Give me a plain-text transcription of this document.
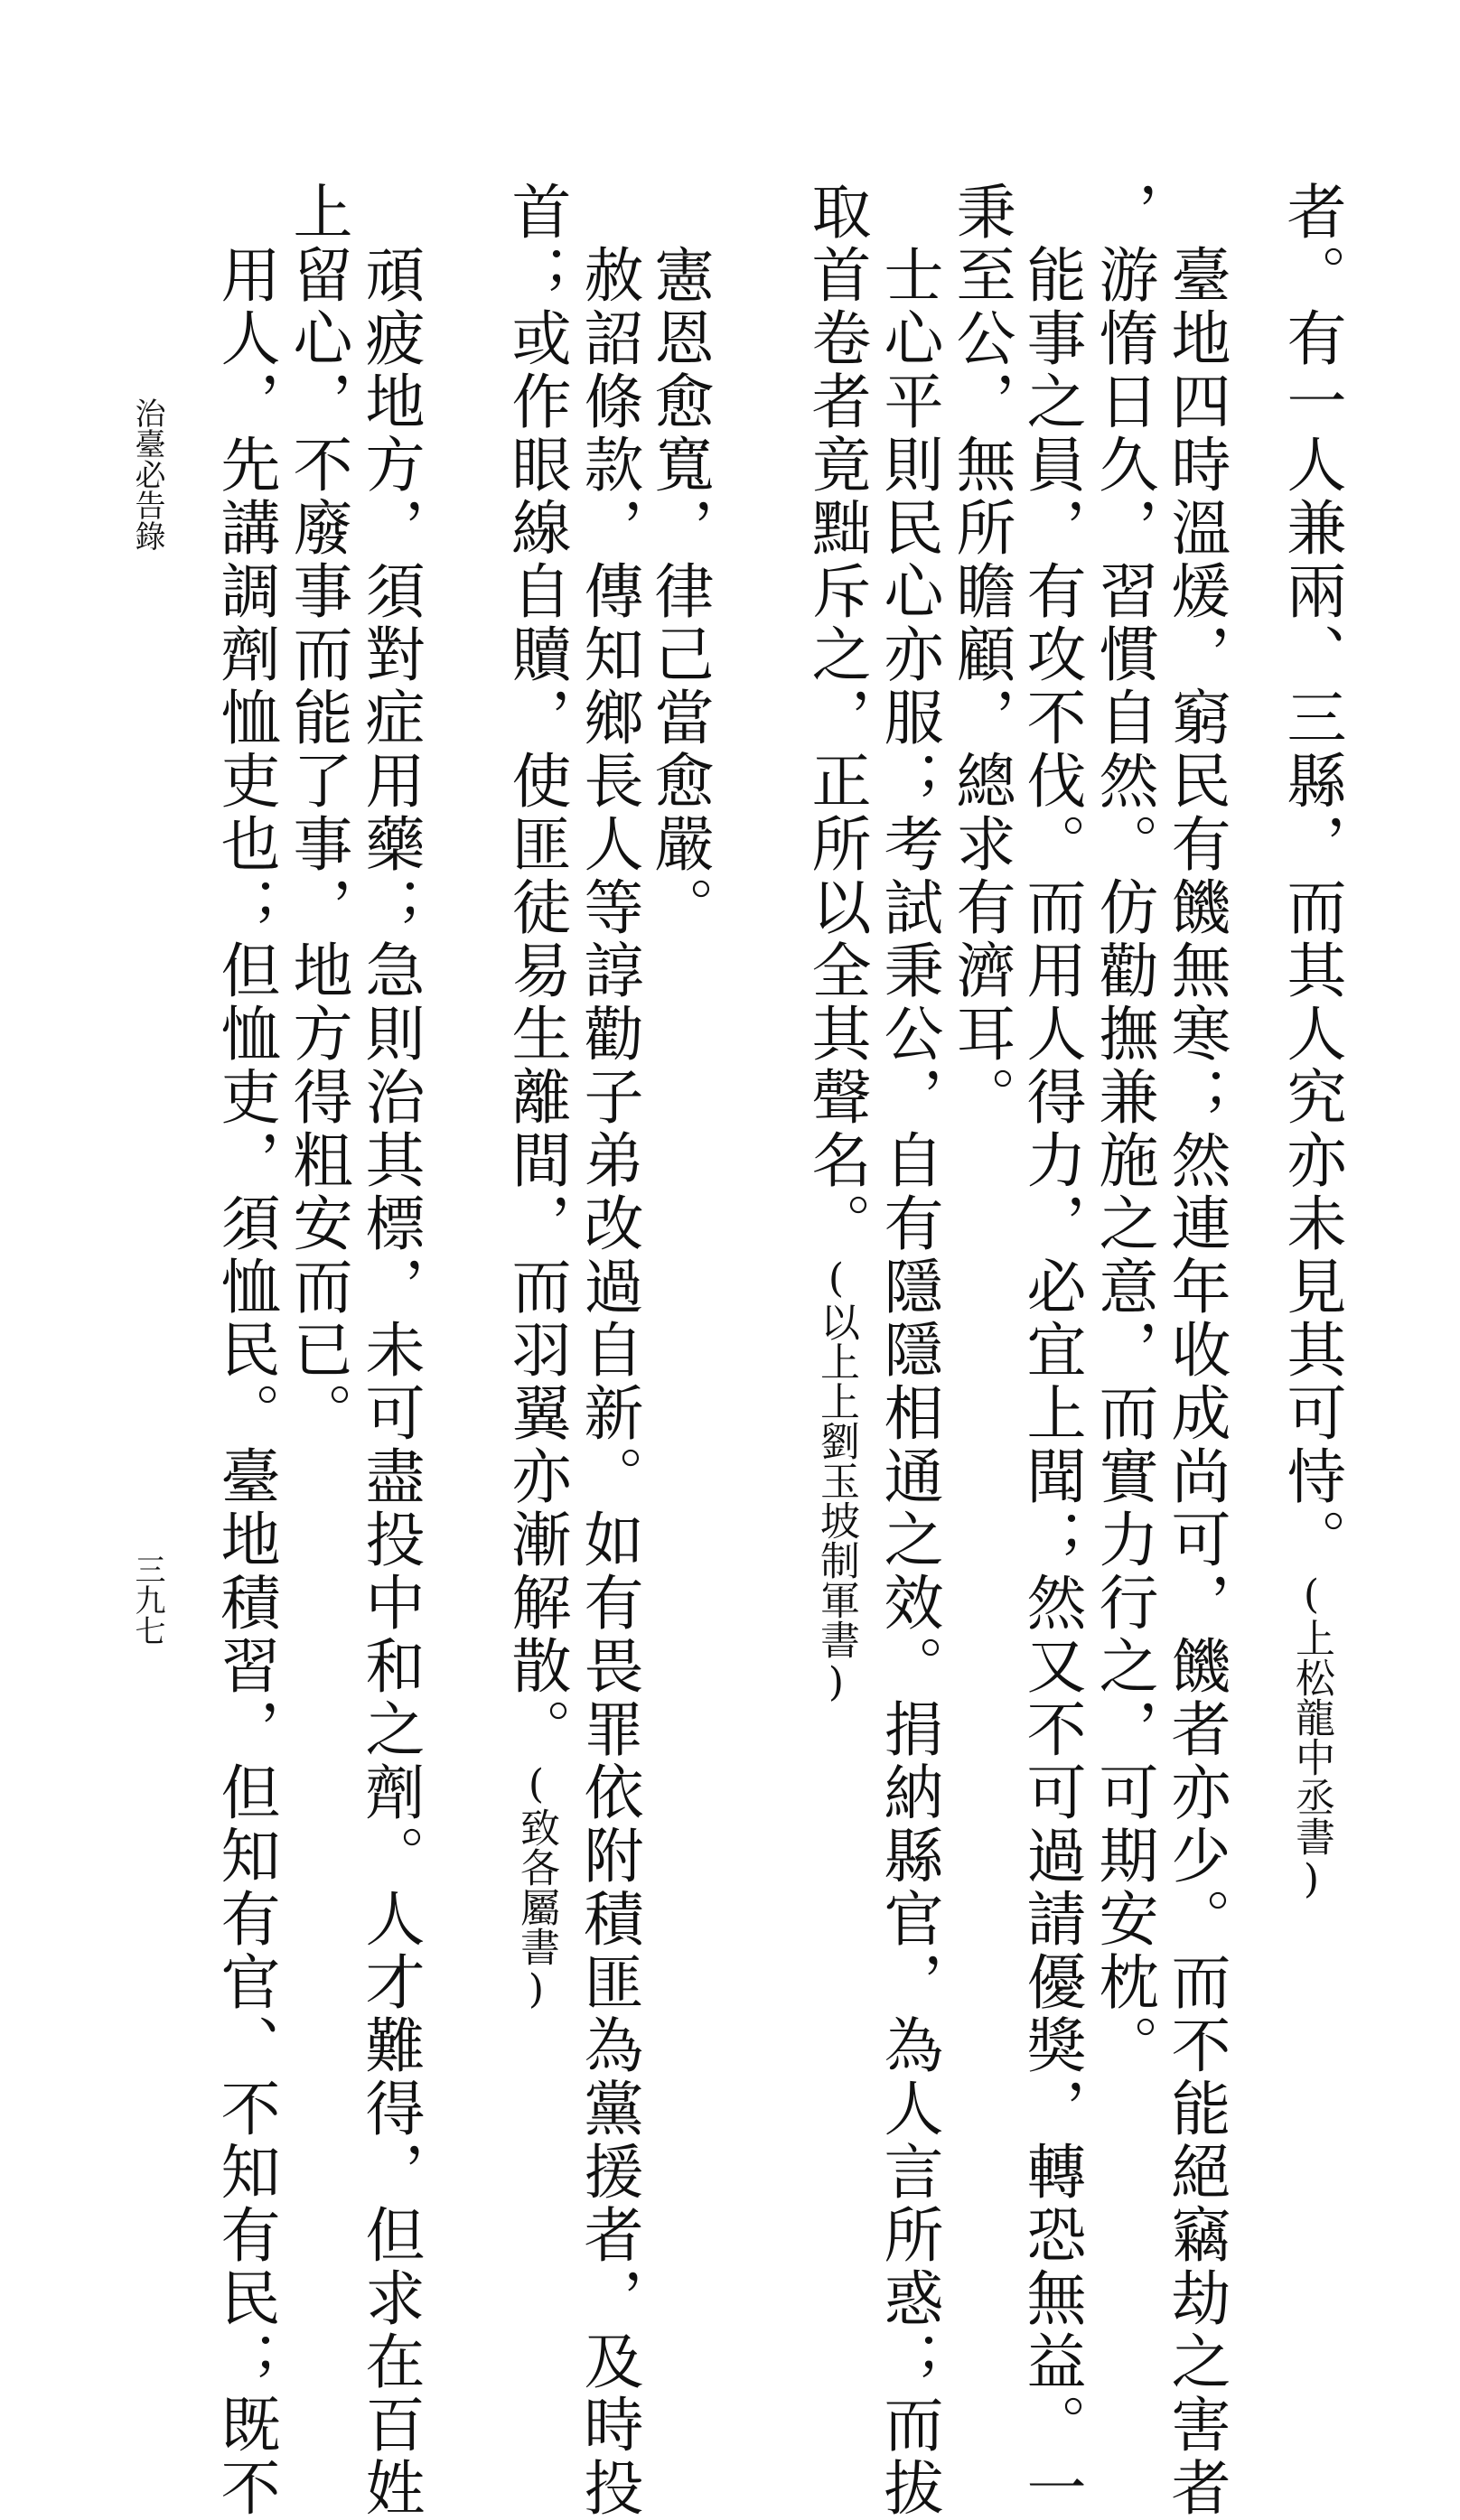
者。有一人兼兩、三縣，而其人究亦未見其可恃。(上松龍中丞書)
臺地四時溫煖，窮民有饑無寒；然連年收成尚可，饑者亦少。而不能絕竊劫之害者
，游惰日久，習慣自然。仿勸撫兼施之意，而實力行之，可期安枕。
能事之員，有攻不伐。而用人得力，必宜上聞；然又不可過請優獎，轉恐無益。一
秉至公，無所瞻顧，總求有濟耳。
士心平則民心亦服；考試秉公，自有隱隱相通之效。捐納縣官，為人言所惑；而拔
取首卷者竟黜斥之，正所以全其聲名。(以上上劉玉坡制軍書)
憲恩愈寬，律己當愈嚴。
赦詔條款，傳知鄉長人等諄勸子弟改過自新。如有畏罪依附積匪為黨援者，及時投
首；或作眼線自贖，使匪徒易生離間，而羽翼亦漸解散。(致各屬書)
頑疲地方，須對症用藥；急則治其標，未可盡投中和之劑。人才難得，但求在百姓
上留心，不廢事而能了事，地方得粗安而已。
用人，先講調劑恤吏也；但恤吏，須恤民。臺地積習，但知有官、不知有民；既不
治臺必告錄
三九七
